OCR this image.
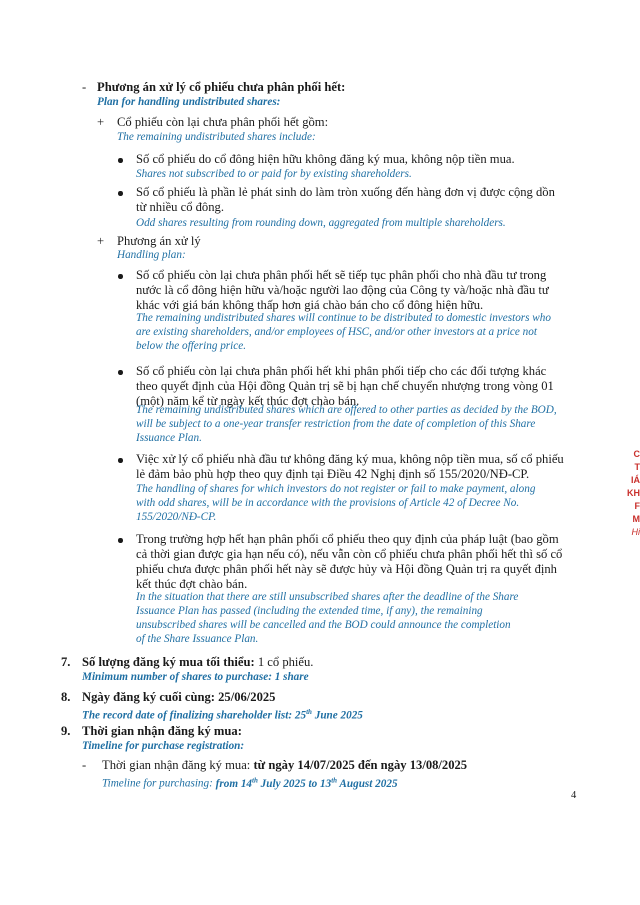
- Phương án xử lý cổ phiếu chưa phân phối hết:
Plan for handling undistributed shares:
+ Cổ phiếu còn lại chưa phân phối hết gồm:
The remaining undistributed shares include:
Số cổ phiếu do cổ đông hiện hữu không đăng ký mua, không nộp tiền mua.
Shares not subscribed to or paid for by existing shareholders.
Số cổ phiếu là phần lẻ phát sinh do làm tròn xuống đến hàng đơn vị được cộng dồn
từ nhiều cổ đông.
Odd shares resulting from rounding down, aggregated from multiple shareholders.
+ Phương án xử lý
Handling plan:
Số cổ phiếu còn lại chưa phân phối hết sẽ tiếp tục phân phối cho nhà đầu tư trong
nước là cổ đông hiện hữu và/hoặc người lao động của Công ty và/hoặc nhà đầu tư
khác với giá bán không thấp hơn giá chào bán cho cổ đông hiện hữu.
The remaining undistributed shares will continue to be distributed to domestic investors who
are existing shareholders, and/or employees of HSC, and/or other investors at a price not
below the offering price.
Số cổ phiếu còn lại chưa phân phối hết khi phân phối tiếp cho các đối tượng khác
theo quyết định của Hội đồng Quản trị sẽ bị hạn chế chuyển nhượng trong vòng 01
(một) năm kể từ ngày kết thúc đợt chào bán.
The remaining undistributed shares which are offered to other parties as decided by the BOD,
will be subject to a one-year transfer restriction from the date of completion of this Share
Issuance Plan.
Việc xử lý cổ phiếu nhà đầu tư không đăng ký mua, không nộp tiền mua, số cổ phiếu
lẻ đảm bảo phù hợp theo quy định tại Điều 42 Nghị định số 155/2020/NĐ-CP.
The handling of shares for which investors do not register or fail to make payment, along
with odd shares, will be in accordance with the provisions of Article 42 of Decree No.
155/2020/NĐ-CP.
Trong trường hợp hết hạn phân phối cổ phiếu theo quy định của pháp luật (bao gồm
cả thời gian được gia hạn nếu có), nếu vẫn còn cổ phiếu chưa phân phối hết thì số cổ
phiếu chưa được phân phối hết này sẽ được hủy và Hội đồng Quản trị ra quyết định
kết thúc đợt chào bán.
In the situation that there are still unsubscribed shares after the deadline of the Share
Issuance Plan has passed (including the extended time, if any), the remaining
unsubscribed shares will be cancelled and the BOD could announce the completion
of the Share Issuance Plan.
7. Số lượng đăng ký mua tối thiểu: 1 cổ phiếu.
Minimum number of shares to purchase: 1 share
8. Ngày đăng ký cuối cùng: 25/06/2025
The record date of finalizing shareholder list: 25th June 2025
9. Thời gian nhận đăng ký mua:
Timeline for purchase registration:
- Thời gian nhận đăng ký mua: từ ngày 14/07/2025 đến ngày 13/08/2025
Timeline for purchasing: from 14th July 2025 to 13th August 2025
4
C
T
IÁ
KH
F
M
Hi
